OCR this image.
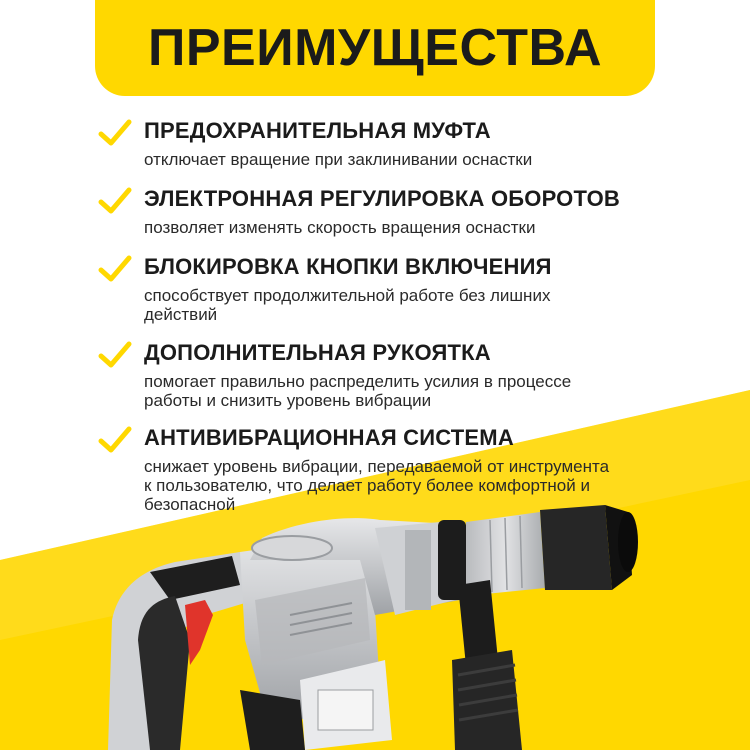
ПРЕИМУЩЕСТВА
ПРЕДОХРАНИТЕЛЬНАЯ МУФТА
отключает вращение при заклинивании оснастки
ЭЛЕКТРОННАЯ РЕГУЛИРОВКА ОБОРОТОВ
позволяет изменять скорость вращения оснастки
БЛОКИРОВКА КНОПКИ ВКЛЮЧЕНИЯ
способствует продолжительной работе без лишних действий
ДОПОЛНИТЕЛЬНАЯ РУКОЯТКА
помогает правильно распределить усилия в процессе работы и снизить уровень вибрации
АНТИВИБРАЦИОННАЯ СИСТЕМА
снижает уровень вибрации, передаваемой от инструмента к пользователю, что делает работу более комфортной и безопасной
